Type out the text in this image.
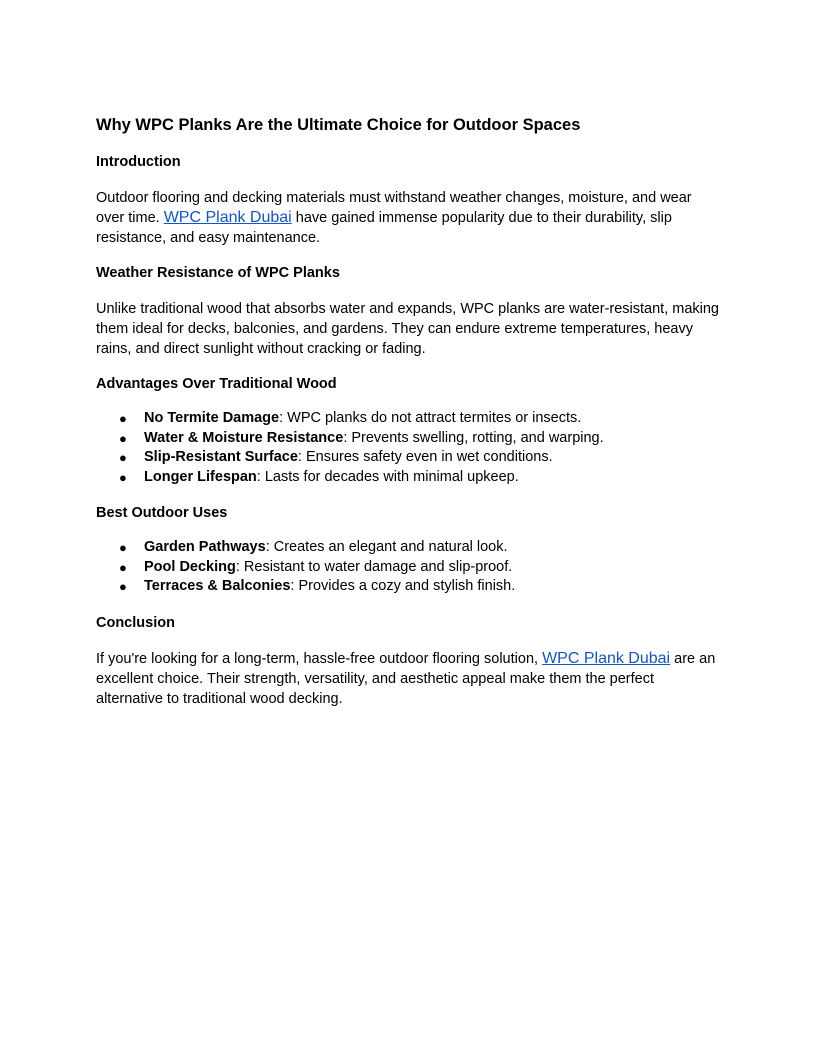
Why WPC Planks Are the Ultimate Choice for Outdoor Spaces
Introduction

Outdoor flooring and decking materials must withstand weather changes, moisture, and wear over time. WPC Plank Dubai have gained immense popularity due to their durability, slip resistance, and easy maintenance.

Weather Resistance of WPC Planks

Unlike traditional wood that absorbs water and expands, WPC planks are water-resistant, making them ideal for decks, balconies, and gardens. They can endure extreme temperatures, heavy rains, and direct sunlight without cracking or fading.

Advantages Over Traditional Wood
● No Termite Damage: WPC planks do not attract termites or insects.
● Water & Moisture Resistance: Prevents swelling, rotting, and warping.
● Slip-Resistant Surface: Ensures safety even in wet conditions.
● Longer Lifespan: Lasts for decades with minimal upkeep.
Best Outdoor Uses
● Garden Pathways: Creates an elegant and natural look.
● Pool Decking: Resistant to water damage and slip-proof.
● Terraces & Balconies: Provides a cozy and stylish finish.
Conclusion

If you're looking for a long-term, hassle-free outdoor flooring solution, WPC Plank Dubai are an excellent choice. Their strength, versatility, and aesthetic appeal make them the perfect alternative to traditional wood decking.
